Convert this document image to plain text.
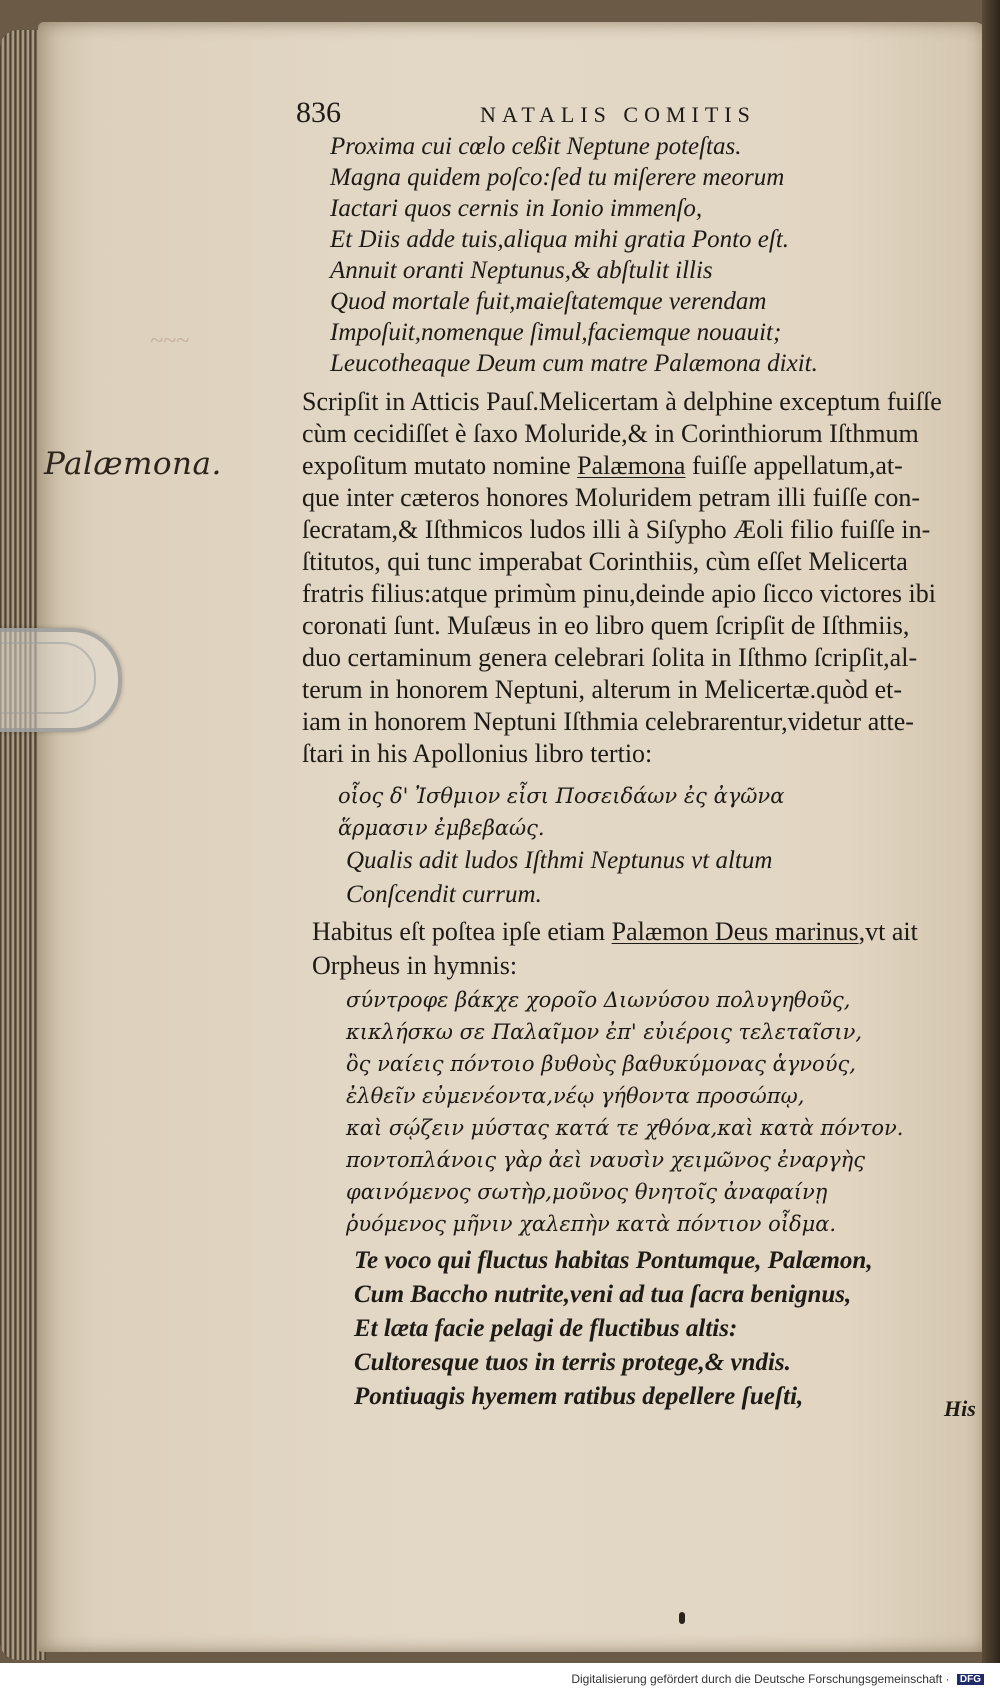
~~~
Palæmona.
836	NATALIS COMITIS
Proxima cui cœlo ceßit Neptune poteſtas.
Magna quidem poſco:ſed tu miſerere meorum
Iactari quos cernis in Ionio immenſo,
Et Diis adde tuis,aliqua mihi gratia Ponto eſt.
Annuit oranti Neptunus,& abſtulit illis
Quod mortale fuit,maieſtatemque verendam
Impoſuit,nomenque ſimul,faciemque nouauit;
Leucotheaque Deum cum matre Palæmona dixit.
Scripſit in Atticis Pauſ.Melicertam à delphine exceptum fuiſſe
cùm cecidiſſet è ſaxo Moluride,& in Corinthiorum Iſthmum
expoſitum mutato nomine Palæmona fuiſſe appellatum,at-
que inter cæteros honores Moluridem petram illi fuiſſe con-
ſecratam,& Iſthmicos ludos illi à Siſypho Æoli filio fuiſſe in-
ſtitutos, qui tunc imperabat Corinthiis, cùm eſſet Melicerta
fratris filius:atque primùm pinu,deinde apio ſicco victores ibi
coronati ſunt. Muſæus in eo libro quem ſcripſit de Iſthmiis,
duo certaminum genera celebrari ſolita in Iſthmo ſcripſit,al-
terum in honorem Neptuni, alterum in Melicertæ.quòd et-
iam in honorem Neptuni Iſthmia celebrarentur,videtur atte-
ſtari in his Apollonius libro tertio:
οἷος δ' Ἰσθμιον εἶσι Ποσειδάων ἐς ἀγῶνα
ἅρμασιν ἐμβεβαώς.
Qualis adit ludos Iſthmi Neptunus vt altum
Conſcendit currum.
Habitus eſt poſtea ipſe etiam Palæmon Deus marinus,vt ait
Orpheus in hymnis:
σύντροφε βάκχε χοροῖο Διωνύσου πολυγηθοῦς,
κικλήσκω σε Παλαῖμον ἐπ' εὐιέροις τελεταῖσιν,
ὃς ναίεις πόντοιο βυθοὺς βαθυκύμονας ἁγνούς,
ἐλθεῖν εὐμενέοντα,νέῳ γήθοντα προσώπῳ,
καὶ σῴζειν μύστας κατά τε χθόνα,καὶ κατὰ πόντον.
ποντοπλάνοις γὰρ ἀεὶ ναυσὶν χειμῶνος ἐναργὴς
φαινόμενος σωτὴρ,μοῦνος θνητοῖς ἀναφαίνῃ
ῥυόμενος μῆνιν χαλεπὴν κατὰ πόντιον οἶδμα.
Te voco qui fluctus habitas Pontumque, Palæmon,
Cum Baccho nutrite,veni ad tua ſacra benignus,
Et læta facie pelagi de fluctibus altis:
Cultoresque tuos in terris protege,& vndis.
Pontiuagis hyemem ratibus depellere ſueſti,	His
Digitalisierung gefördert durch die Deutsche Forschungsgemeinschaft · DFG
